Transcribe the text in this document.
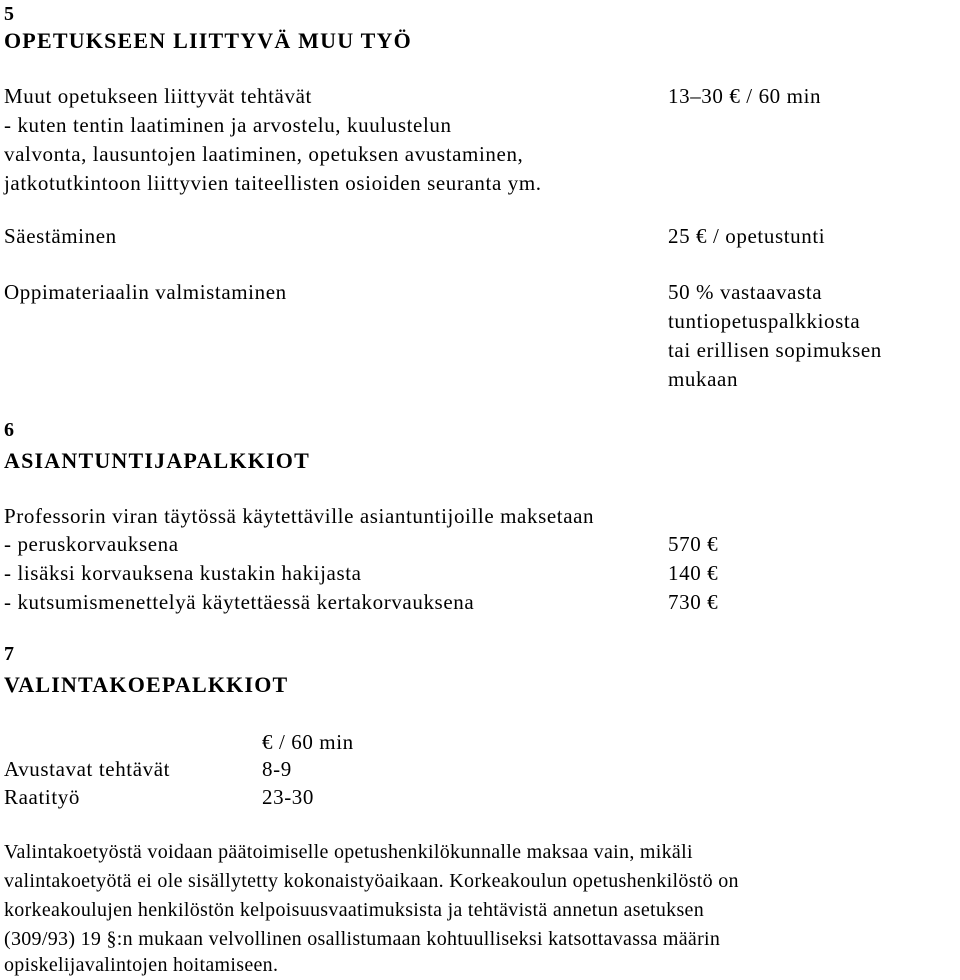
5
OPETUKSEEN LIITTYVÄ MUU TYÖ
Muut opetukseen liittyvät tehtävät
- kuten tentin laatiminen ja arvostelu, kuulustelun
valvonta, lausuntojen laatiminen, opetuksen avustaminen,
jatkotutkintoon liittyvien taiteellisten osioiden seuranta ym.
13–30 € / 60 min
Säestäminen	25 € / opetustunti
Oppimateriaalin valmistaminen	50 % vastaavasta
tuntiopetuspalkkiosta
tai erillisen sopimuksen
mukaan
6
ASIANTUNTIJAPALKKIOT
Professorin viran täytössä käytettäville asiantuntijoille maksetaan
- peruskorvauksena	570 €
- lisäksi korvauksena kustakin hakijasta	140 €
- kutsumismenettelyä käytettäessä kertakorvauksena	730 €
7
VALINTAKOEPALKKIOT
€ / 60 min
Avustavat tehtävät	8-9
Raatityö	23-30
Valintakoetyöstä voidaan päätoimiselle opetushenkilökunnalle maksaa vain, mikäli
valintakoetyötä ei ole sisällytetty kokonaistyöaikaan. Korkeakoulun opetushenkilöstö on
korkeakoulujen henkilöstön kelpoisuusvaatimuksista ja tehtävistä annetun asetuksen
(309/93) 19 §:n mukaan velvollinen osallistumaan kohtuulliseksi katsottavassa määrin
opiskelijavalintojen hoitamiseen.
